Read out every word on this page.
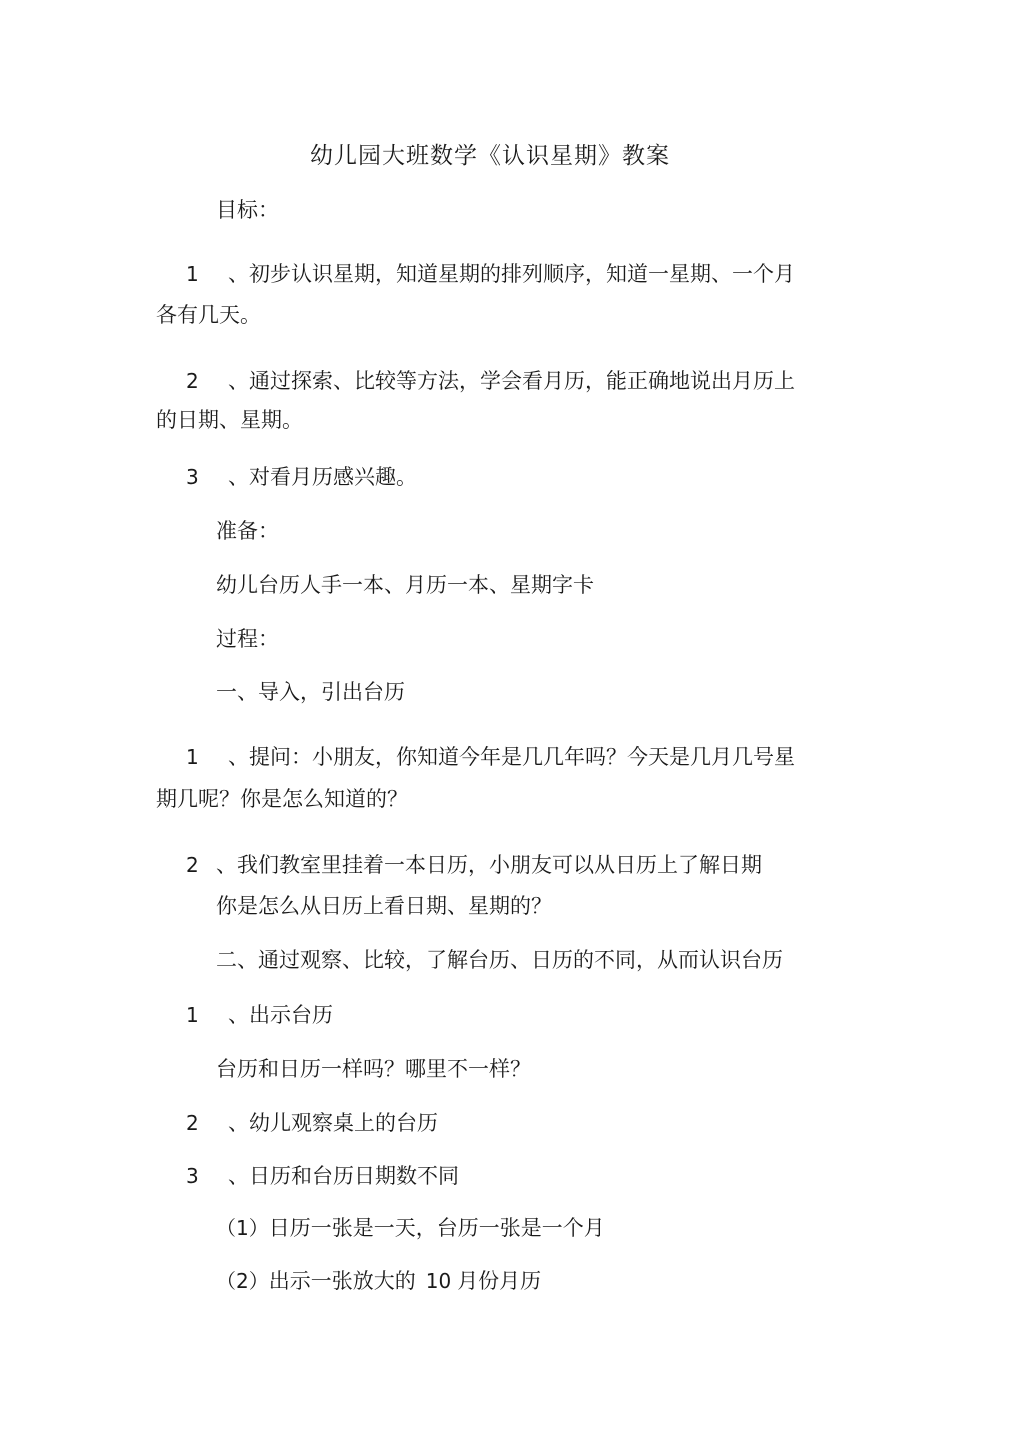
幼儿园大班数学《认识星期》教案
目标：
1 、初步认识星期，知道星期的排列顺序，知道一星期、一个月
各有几天。
2 、通过探索、比较等方法，学会看月历，能正确地说出月历上
的日期、星期。
3 、对看月历感兴趣。
准备：
幼儿台历人手一本、月历一本、星期字卡
过程：
一、导入，引出台历
1 、提问：小朋友，你知道今年是几几年吗？今天是几月几号星
期几呢？你是怎么知道的？
2 、我们教室里挂着一本日历，小朋友可以从日历上了解日期
你是怎么从日历上看日期、星期的？
二、通过观察、比较，了解台历、日历的不同，从而认识台历
1 、出示台历
台历和日历一样吗？哪里不一样？
2 、幼儿观察桌上的台历
3 、日历和台历日期数不同
（1）日历一张是一天，台历一张是一个月
（2）出示一张放大的 10 月份月历
